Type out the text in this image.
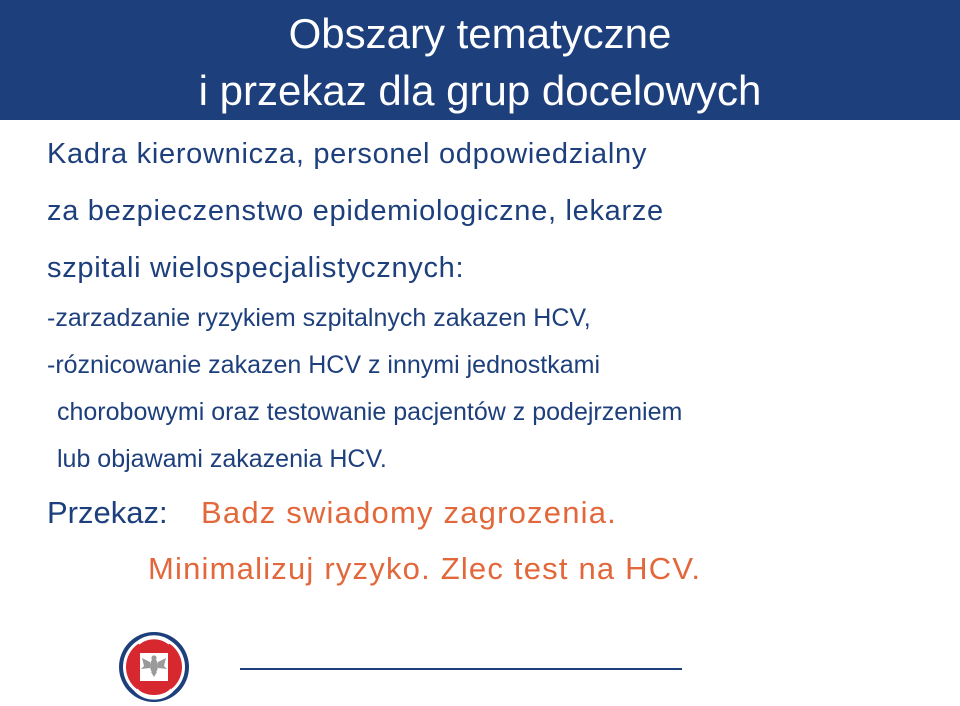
Obszary tematyczne
i przekaz dla grup docelowych
Kadra kierownicza, personel odpowiedzialny
za bezpieczenstwo epidemiologiczne, lekarze
szpitali wielospecjalistycznych:
-zarzadzanie ryzykiem szpitalnych zakazen HCV,
-róznicowanie zakazen HCV z innymi jednostkami
chorobowymi oraz testowanie pacjentów z podejrzeniem
lub objawami zakazenia HCV.
Przekaz: Badz swiadomy zagrozenia.
Minimalizuj ryzyko. Zlec test na HCV.
